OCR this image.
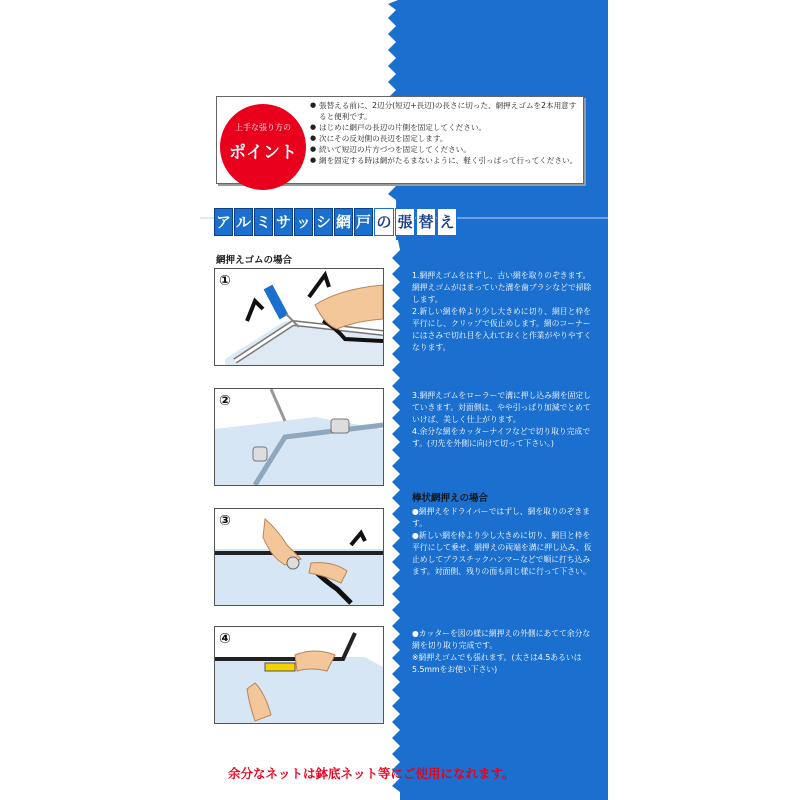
上手な張り方の
ポイント
● 張替える前に、2辺分(短辺+長辺)の長さに切った、網押えゴムを2本用意すると便利です。
● はじめに網戸の長辺の片側を固定してください。
● 次にその反対側の長辺を固定します。
● 続いて短辺の片方づつを固定してください。
● 網を固定する時は網がたるまないように、軽く引っぱって行ってください。
ア ル ミ サ ッ シ 網 戸 の 張 替 え
網押えゴムの場合
①
②
③
④

1.網押えゴムをはずし、古い網を取りのぞきます。網押えゴムがはまっていた溝を歯ブラシなどで掃除します。

2.新しい網を枠より少し大きめに切り、網目と枠を平行にし、クリップで仮止めします。網のコーナーにはさみで切れ目を入れておくと作業がやりやすくなります。

3.網押えゴムをローラーで溝に押し込み網を固定していきます。対面側は、やや引っぱり加減でとめていけば、美しく仕上がります。

4.余分な網をカッターナイフなどで切り取り完成です。(刃先を外側に向けて切って下さい。)

棒状網押えの場合

●網押えをドライバーではずし、網を取りのぞきます。

●新しい網を枠より少し大きめに切り、網目と枠を平行にして乗せ、網押えの両端を溝に押し込み、仮止めしてプラスチックハンマーなどで順に打ち込みます。対面側、残りの面も同じ様に行って下さい。

●カッターを図の様に網押えの外側にあてて余分な網を切り取り完成です。

※網押えゴムでも張れます。(太さは4.5あるいは5.5mmをお使い下さい)

余分なネットは鉢底ネット等にご使用になれます。
